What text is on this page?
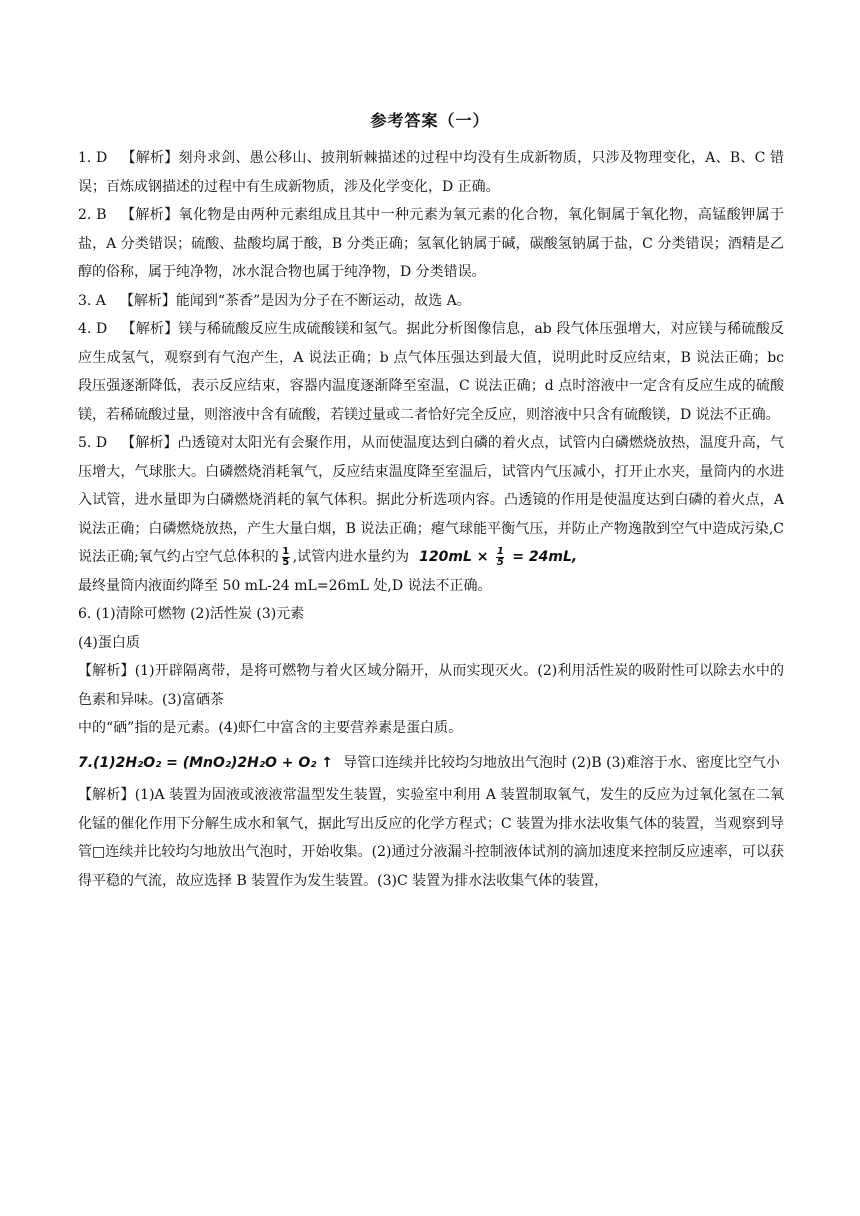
参考答案（一）

1. D 【解析】刻舟求剑、愚公移山、披荆斩棘描述的过程中均没有生成新物质，只涉及物理变化，A、B、C 错误；百炼成钢描述的过程中有生成新物质，涉及化学变化，D 正确。

2. B 【解析】氧化物是由两种元素组成且其中一种元素为氧元素的化合物，氧化铜属于氧化物，高锰酸钾属于盐，A 分类错误；硫酸、盐酸均属于酸，B 分类正确；氢氧化钠属于碱，碳酸氢钠属于盐，C 分类错误；酒精是乙醇的俗称，属于纯净物，冰水混合物也属于纯净物，D 分类错误。

3. A 【解析】能闻到“茶香”是因为分子在不断运动，故选 A。

4. D 【解析】镁与稀硫酸反应生成硫酸镁和氢气。据此分析图像信息，ab 段气体压强增大，对应镁与稀硫酸反应生成氢气，观察到有气泡产生，A 说法正确；b 点气体压强达到最大值，说明此时反应结束，B 说法正确；bc 段压强逐渐降低，表示反应结束，容器内温度逐渐降至室温，C 说法正确；d 点时溶液中一定含有反应生成的硫酸镁，若稀硫酸过量，则溶液中含有硫酸，若镁过量或二者恰好完全反应，则溶液中只含有硫酸镁，D 说法不正确。

5. D 【解析】凸透镜对太阳光有会聚作用，从而使温度达到白磷的着火点，试管内白磷燃烧放热，温度升高，气压增大，气球胀大。白磷燃烧消耗氧气，反应结束温度降至室温后，试管内气压减小，打开止水夹，量筒内的水进入试管，进水量即为白磷燃烧消耗的氧气体积。据此分析选项内容。凸透镜的作用是使温度达到白磷的着火点，A 说法正确；白磷燃烧放热，产生大量白烟，B 说法正确；瘪气球能平衡气压，并防止产物逸散到空气中造成污染,C 说法正确;氧气约占空气总体积的 $\frac{1}{5}$ ,试管内进水量约为 $120mL \times \frac{1}{5} = 24mL$,

最终量筒内液面约降至 50 mL-24 mL=26mL 处,D 说法不正确。

6. (1)清除可燃物 (2)活性炭 (3)元素

(4)蛋白质

【解析】(1)开辟隔离带，是将可燃物与着火区域分隔开，从而实现灭火。(2)利用活性炭的吸附性可以除去水中的色素和异味。(3)富硒茶

中的“硒”指的是元素。(4)虾仁中富含的主要营养素是蛋白质。

7.(1)2H₂O₂ = (MnO₂)2H₂O + O₂ ↑ 导管口连续并比较均匀地放出气泡时 (2)B (3)难溶于水、密度比空气小

【解析】(1)A 装置为固液或液液常温型发生装置，实验室中利用 A 装置制取氧气，发生的反应为过氧化氢在二氧化锰的催化作用下分解生成水和氧气，据此写出反应的化学方程式；C 装置为排水法收集气体的装置，当观察到导管□连续并比较均匀地放出气泡时，开始收集。(2)通过分液漏斗控制液体试剂的滴加速度来控制反应速率，可以获得平稳的气流，故应选择 B 装置作为发生装置。(3)C 装置为排水法收集气体的装置，
